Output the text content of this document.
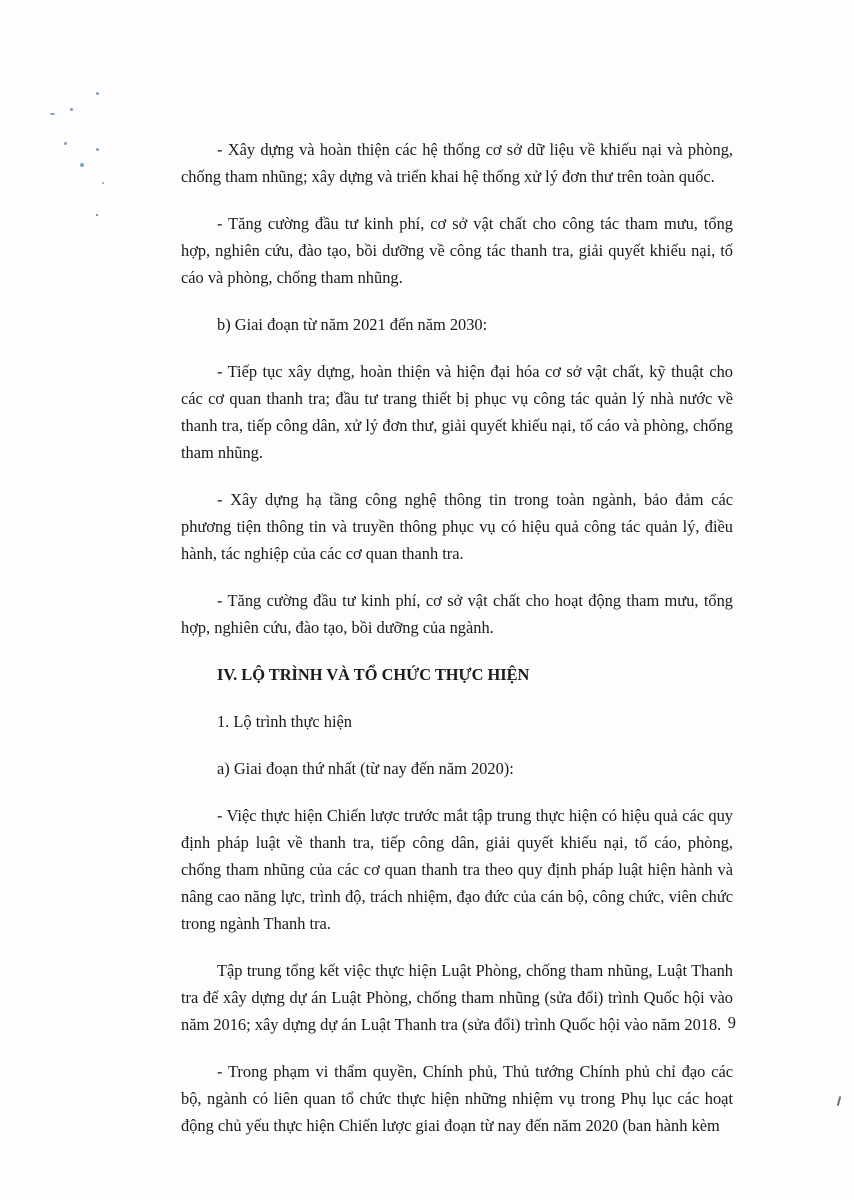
- Xây dựng và hoàn thiện các hệ thống cơ sở dữ liệu về khiếu nại và phòng, chống tham nhũng; xây dựng và triển khai hệ thống xử lý đơn thư trên toàn quốc.

- Tăng cường đầu tư kinh phí, cơ sở vật chất cho công tác tham mưu, tổng hợp, nghiên cứu, đào tạo, bồi dưỡng về công tác thanh tra, giải quyết khiếu nại, tố cáo và phòng, chống tham nhũng.

b) Giai đoạn từ năm 2021 đến năm 2030:

- Tiếp tục xây dựng, hoàn thiện và hiện đại hóa cơ sở vật chất, kỹ thuật cho các cơ quan thanh tra; đầu tư trang thiết bị phục vụ công tác quản lý nhà nước về thanh tra, tiếp công dân, xử lý đơn thư, giải quyết khiếu nại, tố cáo và phòng, chống tham nhũng.

- Xây dựng hạ tầng công nghệ thông tin trong toàn ngành, bảo đảm các phương tiện thông tin và truyền thông phục vụ có hiệu quả công tác quản lý, điều hành, tác nghiệp của các cơ quan thanh tra.

- Tăng cường đầu tư kinh phí, cơ sở vật chất cho hoạt động tham mưu, tổng hợp, nghiên cứu, đào tạo, bồi dưỡng của ngành.

IV. LỘ TRÌNH VÀ TỔ CHỨC THỰC HIỆN

1. Lộ trình thực hiện

a) Giai đoạn thứ nhất (từ nay đến năm 2020):

- Việc thực hiện Chiến lược trước mắt tập trung thực hiện có hiệu quả các quy định pháp luật về thanh tra, tiếp công dân, giải quyết khiếu nại, tố cáo, phòng, chống tham nhũng của các cơ quan thanh tra theo quy định pháp luật hiện hành và nâng cao năng lực, trình độ, trách nhiệm, đạo đức của cán bộ, công chức, viên chức trong ngành Thanh tra.

Tập trung tổng kết việc thực hiện Luật Phòng, chống tham nhũng, Luật Thanh tra để xây dựng dự án Luật Phòng, chống tham nhũng (sửa đổi) trình Quốc hội vào năm 2016; xây dựng dự án Luật Thanh tra (sửa đổi) trình Quốc hội vào năm 2018.

- Trong phạm vi thẩm quyền, Chính phủ, Thủ tướng Chính phủ chỉ đạo các bộ, ngành có liên quan tổ chức thực hiện những nhiệm vụ trong Phụ lục các hoạt động chủ yếu thực hiện Chiến lược giai đoạn từ nay đến năm 2020 (ban hành kèm

9
